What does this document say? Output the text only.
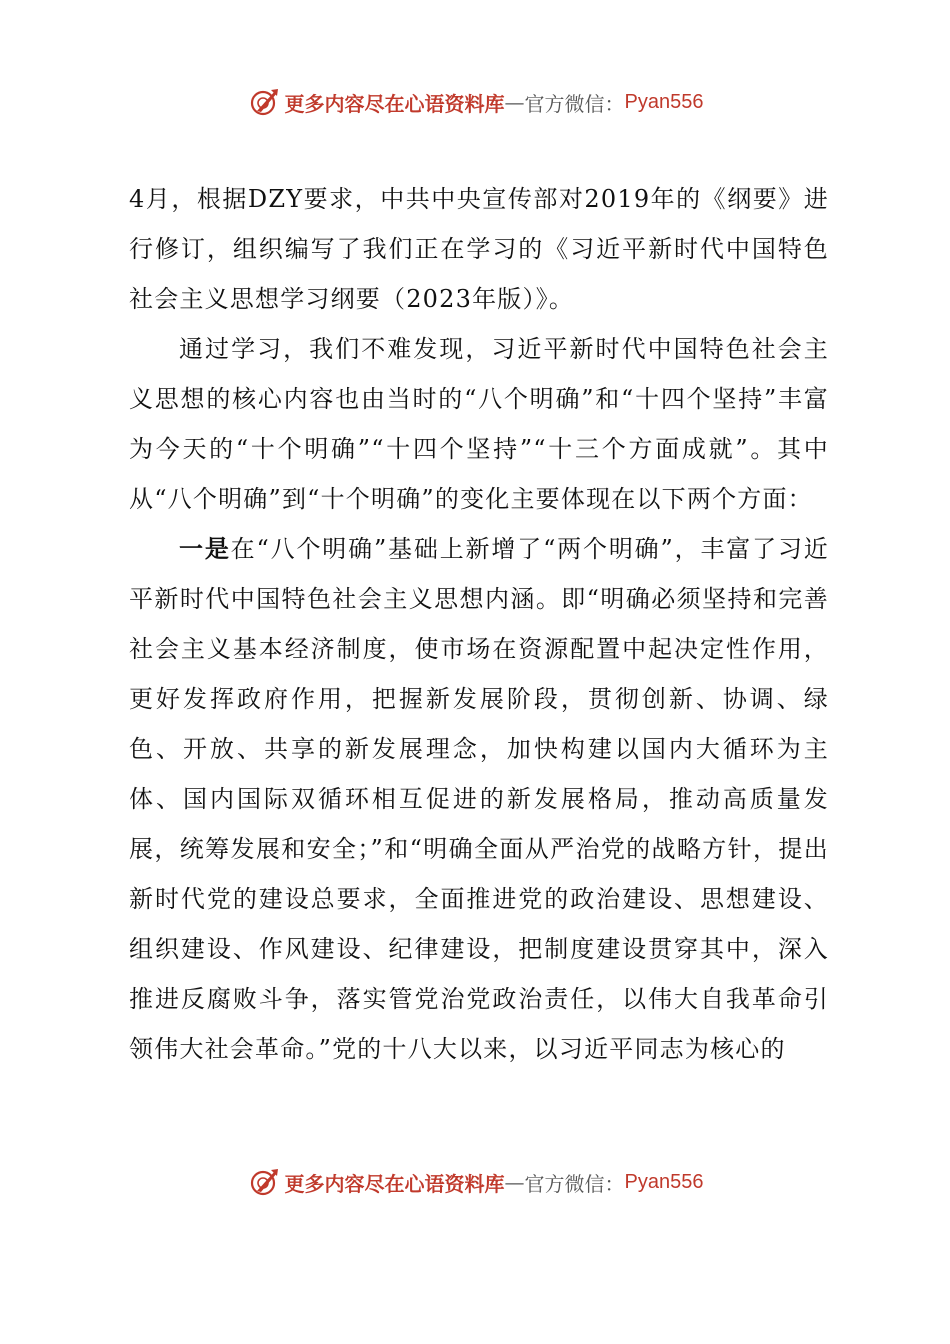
更多内容尽在心语资料库 — 官方微信： Pyan556

4月，根据DZY要求，中共中央宣传部对2019年的《纲要》进行修订，组织编写了我们正在学习的《习近平新时代中国特色社会主义思想学习纲要（2023年版）》。

通过学习，我们不难发现，习近平新时代中国特色社会主义思想的核心内容也由当时的“八个明确”和“十四个坚持”丰富为今天的“十个明确”“十四个坚持”“十三个方面成就”。其中从“八个明确”到“十个明确”的变化主要体现在以下两个方面：

一是在“八个明确”基础上新增了“两个明确”，丰富了习近平新时代中国特色社会主义思想内涵。即“明确必须坚持和完善社会主义基本经济制度，使市场在资源配置中起决定性作用，更好发挥政府作用，把握新发展阶段，贯彻创新、协调、绿色、开放、共享的新发展理念，加快构建以国内大循环为主体、国内国际双循环相互促进的新发展格局，推动高质量发展，统筹发展和安全；”和“明确全面从严治党的战略方针，提出新时代党的建设总要求，全面推进党的政治建设、思想建设、组织建设、作风建设、纪律建设，把制度建设贯穿其中，深入推进反腐败斗争，落实管党治党政治责任，以伟大自我革命引领伟大社会革命。”党的十八大以来，以习近平同志为核心的

更多内容尽在心语资料库 — 官方微信： Pyan556
